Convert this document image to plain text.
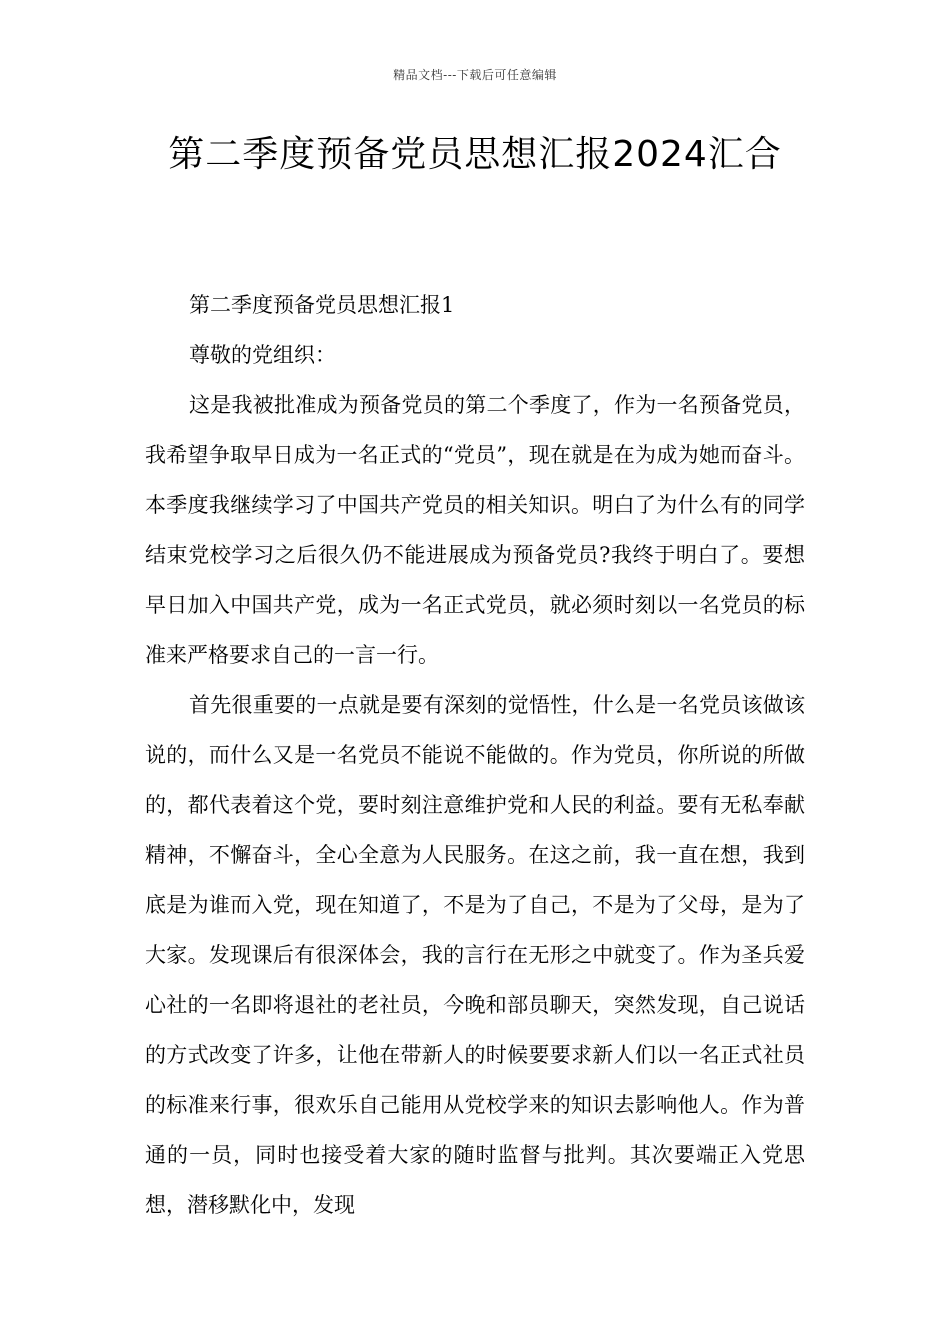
精品文档---下载后可任意编辑
第二季度预备党员思想汇报2024汇合

第二季度预备党员思想汇报1

尊敬的党组织：

这是我被批准成为预备党员的第二个季度了，作为一名预备党员，我希望争取早日成为一名正式的“党员”，现在就是在为成为她而奋斗。本季度我继续学习了中国共产党员的相关知识。明白了为什么有的同学结束党校学习之后很久仍不能进展成为预备党员?我终于明白了。要想早日加入中国共产党，成为一名正式党员，就必须时刻以一名党员的标准来严格要求自己的一言一行。

首先很重要的一点就是要有深刻的觉悟性，什么是一名党员该做该说的，而什么又是一名党员不能说不能做的。作为党员，你所说的所做的，都代表着这个党，要时刻注意维护党和人民的利益。要有无私奉献精神，不懈奋斗，全心全意为人民服务。在这之前，我一直在想，我到底是为谁而入党，现在知道了，不是为了自己，不是为了父母，是为了大家。发现课后有很深体会，我的言行在无形之中就变了。作为圣兵爱心社的一名即将退社的老社员，今晚和部员聊天，突然发现，自己说话的方式改变了许多，让他在带新人的时候要要求新人们以一名正式社员的标准来行事，很欢乐自己能用从党校学来的知识去影响他人。作为普通的一员，同时也接受着大家的随时监督与批判。其次要端正入党思想，潜移默化中，发现
